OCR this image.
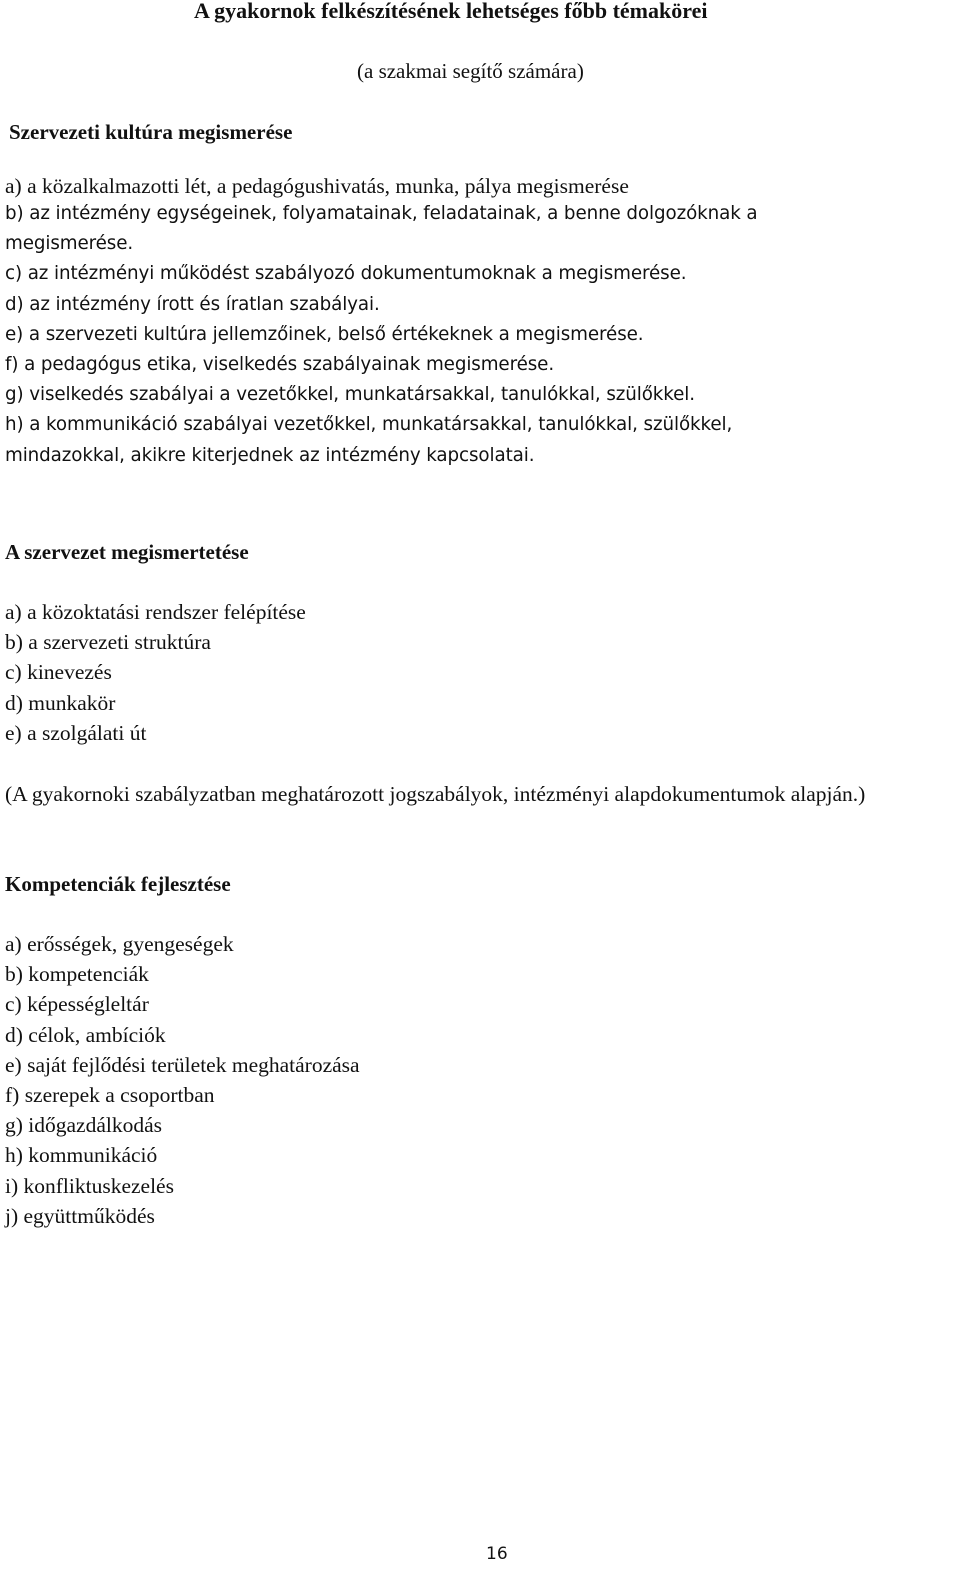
A gyakornok felkészítésének lehetséges főbb témakörei

(a szakmai segítő számára)

Szervezeti kultúra megismerése
a) a közalkalmazotti lét, a pedagógushivatás, munka, pálya megismerése
b) az intézmény egységeinek, folyamatainak, feladatainak, a benne dolgozóknak a
megismerése.
c) az intézményi működést szabályozó dokumentumoknak a megismerése.
d) az intézmény írott és íratlan szabályai.
e) a szervezeti kultúra jellemzőinek, belső értékeknek a megismerése.
f) a pedagógus etika, viselkedés szabályainak megismerése.
g) viselkedés szabályai a vezetőkkel, munkatársakkal, tanulókkal, szülőkkel.
h) a kommunikáció szabályai vezetőkkel, munkatársakkal, tanulókkal, szülőkkel,
mindazokkal, akikre kiterjednek az intézmény kapcsolatai.
A szervezet megismertetése
a) a közoktatási rendszer felépítése
b) a szervezeti struktúra
c) kinevezés
d) munkakör
e) a szolgálati út

(A gyakornoki szabályzatban meghatározott jogszabályok, intézményi alapdokumentumok alapján.)

Kompetenciák fejlesztése
a) erősségek, gyengeségek
b) kompetenciák
c) képességleltár
d) célok, ambíciók
e) saját fejlődési területek meghatározása
f) szerepek a csoportban
g) időgazdálkodás
h) kommunikáció
i) konfliktuskezelés
j) együttműködés

16
